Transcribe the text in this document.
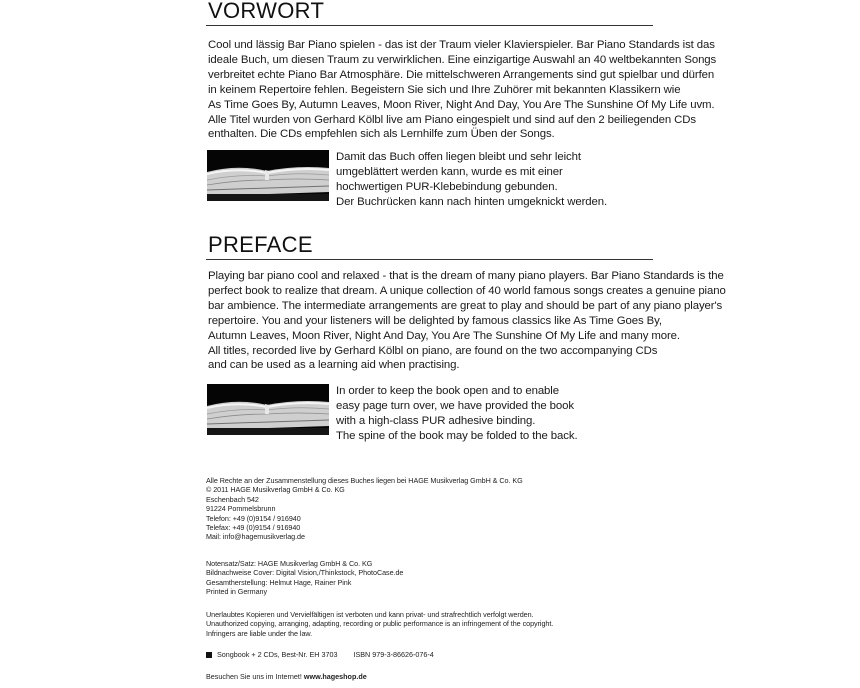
VORWORT
Cool und lässig Bar Piano spielen - das ist der Traum vieler Klavierspieler. Bar Piano Standards ist das
ideale Buch, um diesen Traum zu verwirklichen. Eine einzigartige Auswahl an 40 weltbekannten Songs
verbreitet echte Piano Bar Atmosphäre. Die mittelschweren Arrangements sind gut spielbar und dürfen
in keinem Repertoire fehlen. Begeistern Sie sich und Ihre Zuhörer mit bekannten Klassikern wie
As Time Goes By, Autumn Leaves, Moon River, Night And Day, You Are The Sunshine Of My Life uvm.
Alle Titel wurden von Gerhard Kölbl live am Piano eingespielt und sind auf den 2 beiliegenden CDs
enthalten. Die CDs empfehlen sich als Lernhilfe zum Üben der Songs.
Damit das Buch offen liegen bleibt und sehr leicht
umgeblättert werden kann, wurde es mit einer
hochwertigen PUR-Klebebindung gebunden.
Der Buchrücken kann nach hinten umgeknickt werden.
PREFACE
Playing bar piano cool and relaxed - that is the dream of many piano players. Bar Piano Standards is the
perfect book to realize that dream. A unique collection of 40 world famous songs creates a genuine piano
bar ambience. The intermediate arrangements are great to play and should be part of any piano player's
repertoire. You and your listeners will be delighted by famous classics like As Time Goes By,
Autumn Leaves, Moon River, Night And Day, You Are The Sunshine Of My Life and many more.
All titles, recorded live by Gerhard Kölbl on piano, are found on the two accompanying CDs
and can be used as a learning aid when practising.
In order to keep the book open and to enable
easy page turn over, we have provided the book
with a high-class PUR adhesive binding.
The spine of the book may be folded to the back.
Alle Rechte an der Zusammenstellung dieses Buches liegen bei HAGE Musikverlag GmbH & Co. KG
© 2011 HAGE Musikverlag GmbH & Co. KG
Eschenbach 542
91224 Pommelsbrunn
Telefon: +49 (0)9154 / 916940
Telefax: +49 (0)9154 / 916940
Mail: info@hagemusikverlag.de
Notensatz/Satz: HAGE Musikverlag GmbH & Co. KG
Bildnachweise Cover: Digital Vision,/Thinkstock, PhotoCase.de
Gesamtherstellung: Helmut Hage, Rainer Pink
Printed in Germany
Unerlaubtes Kopieren und Vervielfältigen ist verboten und kann privat- und strafrechtlich verfolgt werden.
Unauthorized copying, arranging, adapting, recording or public performance is an infringement of the copyright.
Infringers are liable under the law.
Songbook + 2 CDs, Best-Nr. EH 3703 ISBN 979-3-86626-076-4
Besuchen Sie uns im Internet! www.hageshop.de
